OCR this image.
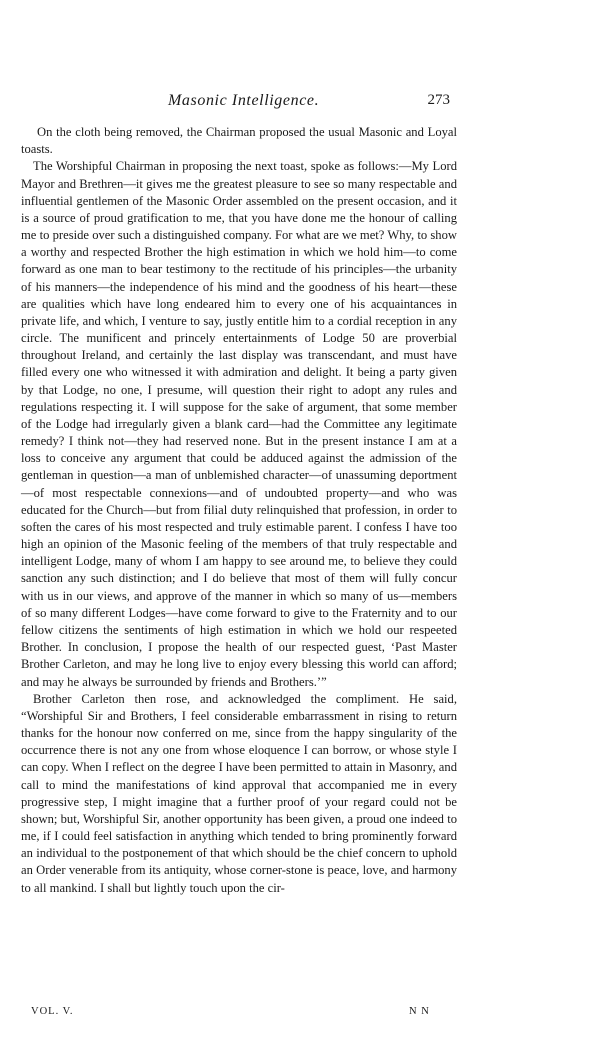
Masonic Intelligence.	273

On the cloth being removed, the Chairman proposed the usual Masonic and Loyal toasts.

The Worshipful Chairman in proposing the next toast, spoke as follows:—My Lord Mayor and Brethren—it gives me the greatest pleasure to see so many respectable and influential gentlemen of the Masonic Order assembled on the present occasion, and it is a source of proud gratification to me, that you have done me the honour of calling me to preside over such a distinguished company. For what are we met? Why, to show a worthy and respected Brother the high estimation in which we hold him—to come forward as one man to bear testimony to the rectitude of his principles—the urbanity of his manners—the independence of his mind and the goodness of his heart—these are qualities which have long endeared him to every one of his acquaintances in private life, and which, I venture to say, justly entitle him to a cordial reception in any circle. The munificent and princely entertainments of Lodge 50 are proverbial throughout Ireland, and certainly the last display was transcendant, and must have filled every one who witnessed it with admiration and delight. It being a party given by that Lodge, no one, I presume, will question their right to adopt any rules and regulations respecting it. I will suppose for the sake of argument, that some member of the Lodge had irregularly given a blank card—had the Committee any legitimate remedy? I think not—they had reserved none. But in the present instance I am at a loss to conceive any argument that could be adduced against the admission of the gentleman in question—a man of unblemished character—of unassuming deportment—of most respectable connexions—and of undoubted property—and who was educated for the Church—but from filial duty relinquished that profession, in order to soften the cares of his most respected and truly estimable parent. I confess I have too high an opinion of the Masonic feeling of the members of that truly respectable and intelligent Lodge, many of whom I am happy to see around me, to believe they could sanction any such distinction; and I do believe that most of them will fully concur with us in our views, and approve of the manner in which so many of us—members of so many different Lodges—have come forward to give to the Fraternity and to our fellow citizens the sentiments of high estimation in which we hold our respeeted Brother. In conclusion, I propose the health of our respected guest, ‘Past Master Brother Carleton, and may he long live to enjoy every blessing this world can afford; and may he always be surrounded by friends and Brothers.’”

Brother Carleton then rose, and acknowledged the compliment. He said, “Worshipful Sir and Brothers, I feel considerable embarrassment in rising to return thanks for the honour now conferred on me, since from the happy singularity of the occurrence there is not any one from whose eloquence I can borrow, or whose style I can copy. When I reflect on the degree I have been permitted to attain in Masonry, and call to mind the manifestations of kind approval that accompanied me in every progressive step, I might imagine that a further proof of your regard could not be shown; but, Worshipful Sir, another opportunity has been given, a proud one indeed to me, if I could feel satisfaction in anything which tended to bring prominently forward an individual to the postponement of that which should be the chief concern to uphold an Order venerable from its antiquity, whose corner-stone is peace, love, and harmony to all mankind. I shall but lightly touch upon the cir-

VOL. V.	N N
